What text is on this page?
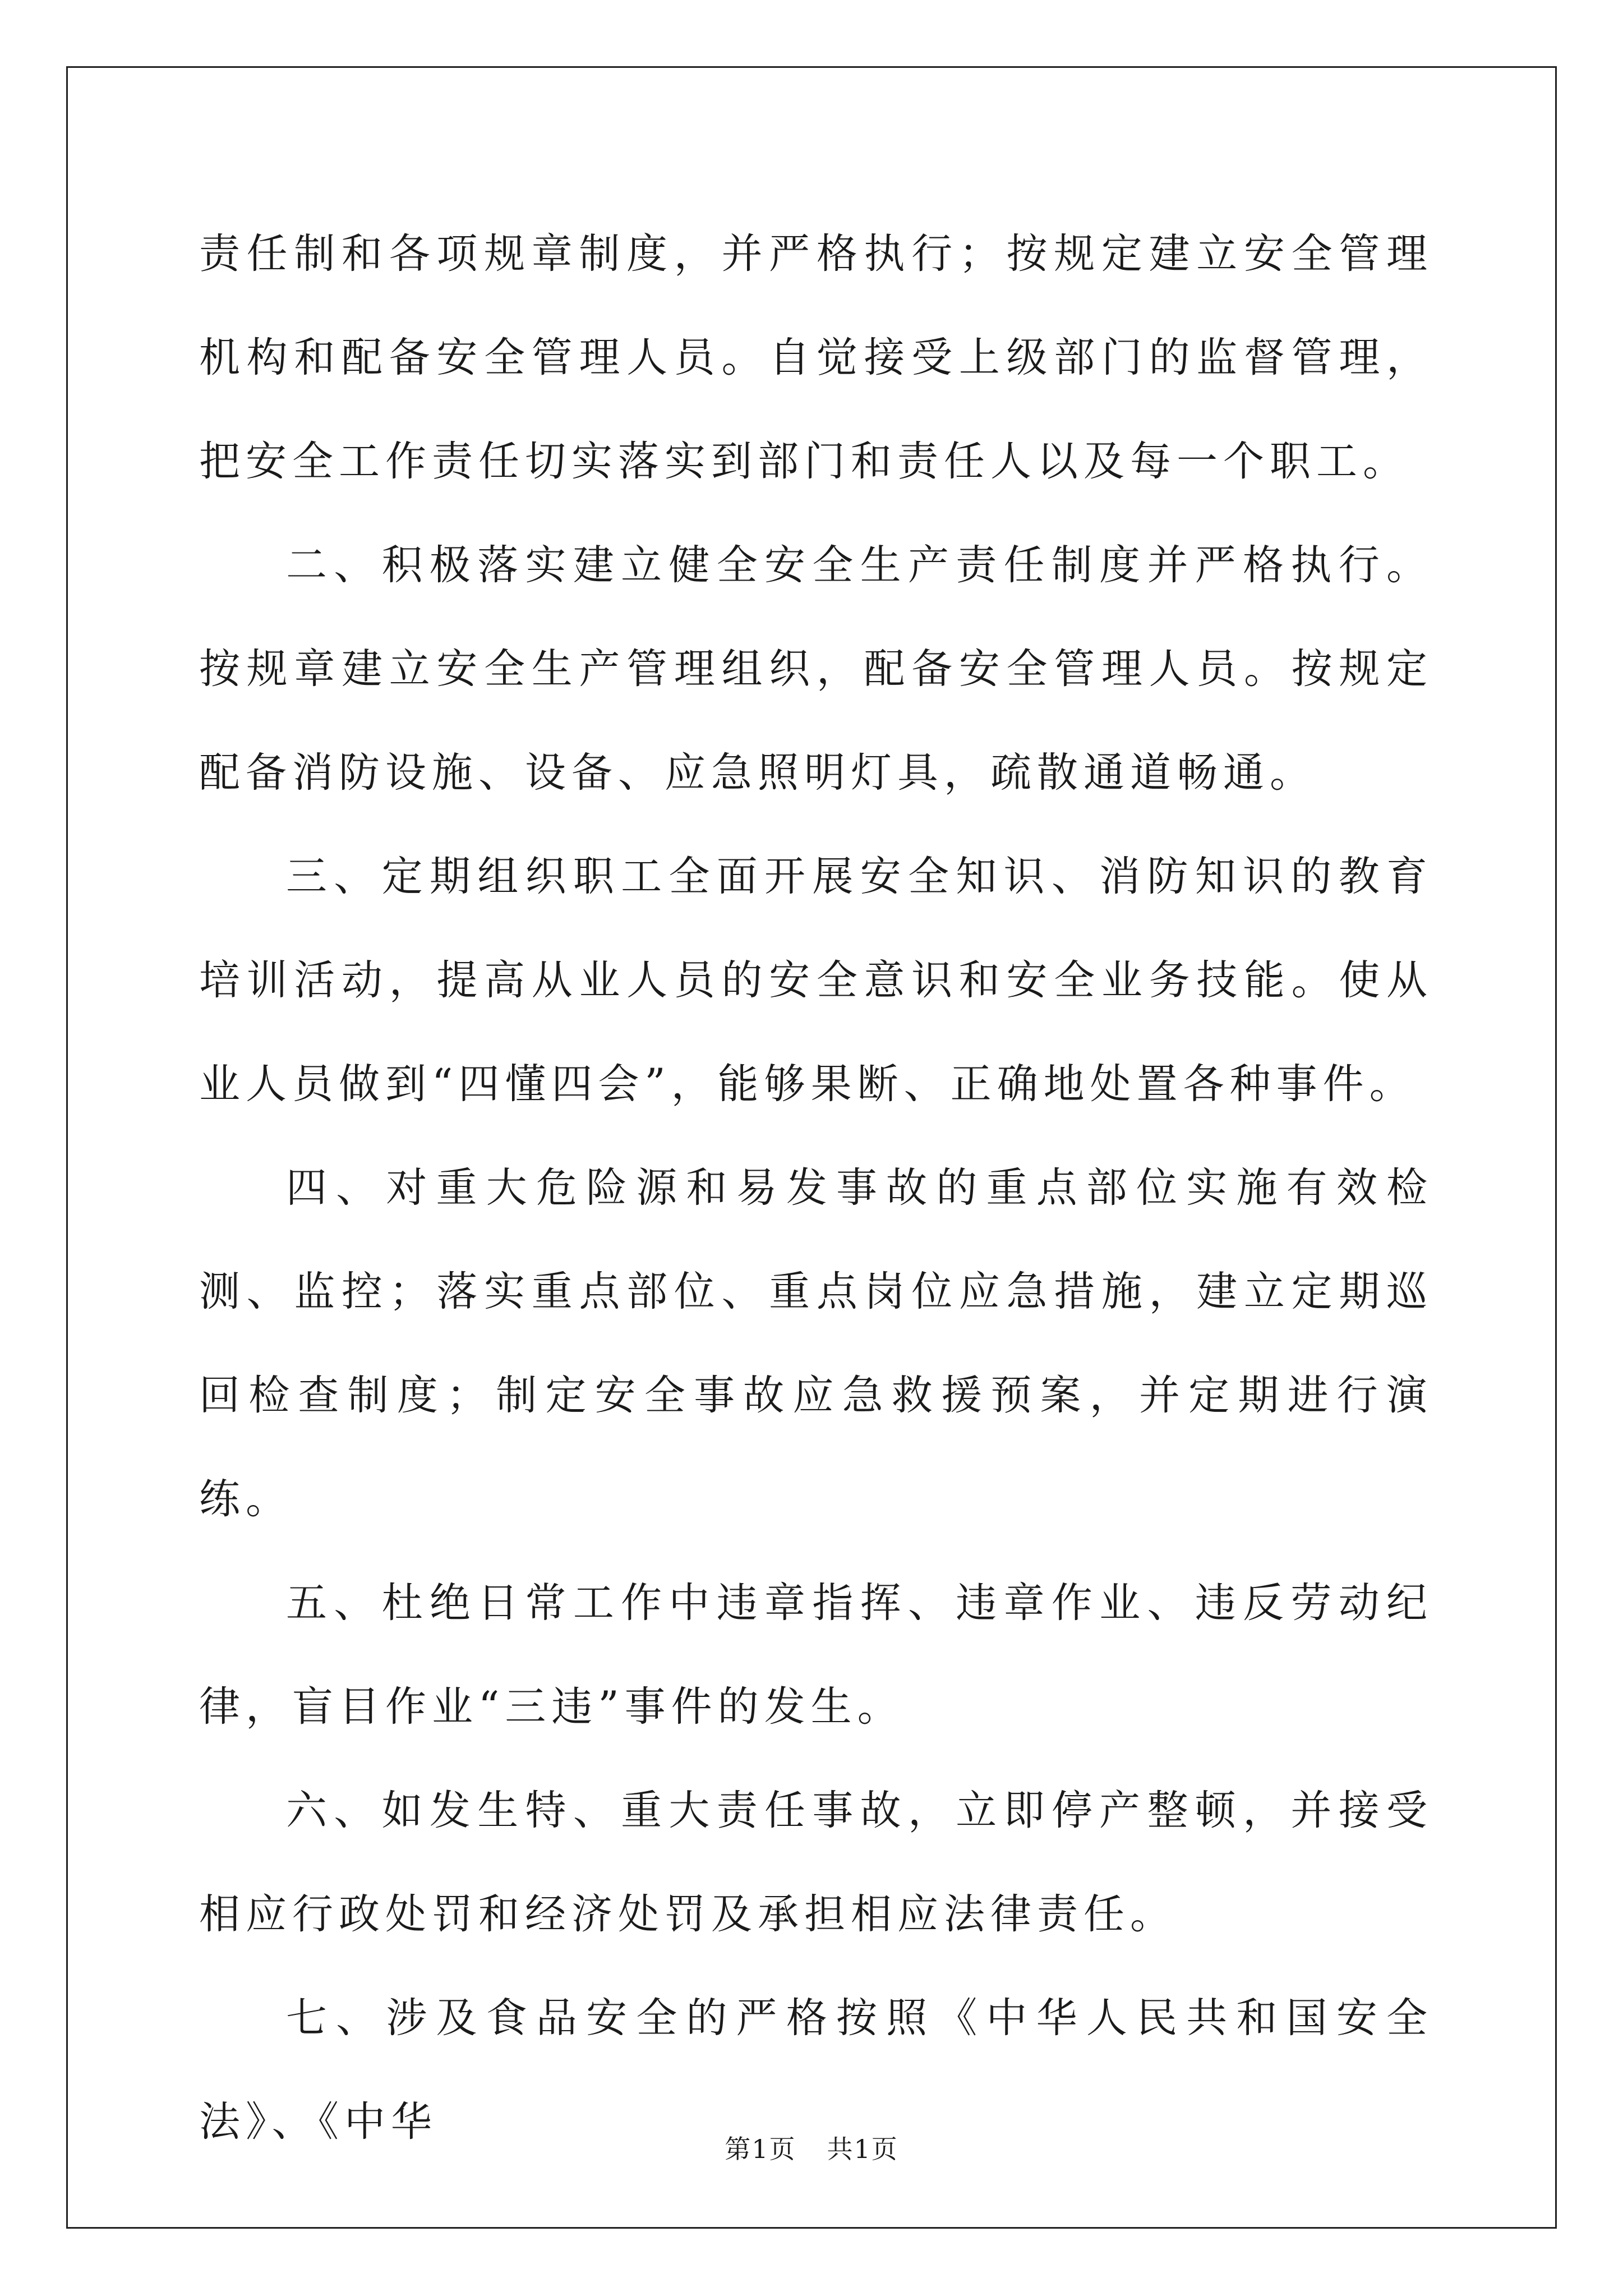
责任制和各项规章制度，并严格执行；按规定建立安全管理机构和配备安全管理人员。自觉接受上级部门的监督管理，把安全工作责任切实落实到部门和责任人以及每一个职工。

二、积极落实建立健全安全生产责任制度并严格执行。按规章建立安全生产管理组织，配备安全管理人员。按规定配备消防设施、设备、应急照明灯具，疏散通道畅通。

三、定期组织职工全面开展安全知识、消防知识的教育培训活动，提高从业人员的安全意识和安全业务技能。使从业人员做到“四懂四会”，能够果断、正确地处置各种事件。

四、对重大危险源和易发事故的重点部位实施有效检测、监控；落实重点部位、重点岗位应急措施，建立定期巡回检查制度；制定安全事故应急救援预案，并定期进行演练。

五、杜绝日常工作中违章指挥、违章作业、违反劳动纪律，盲目作业“三违”事件的发生。

六、如发生特、重大责任事故，立即停产整顿，并接受相应行政处罚和经济处罚及承担相应法律责任。

七、涉及食品安全的严格按照《中华人民共和国安全法》、《中华

第1页 共1页
